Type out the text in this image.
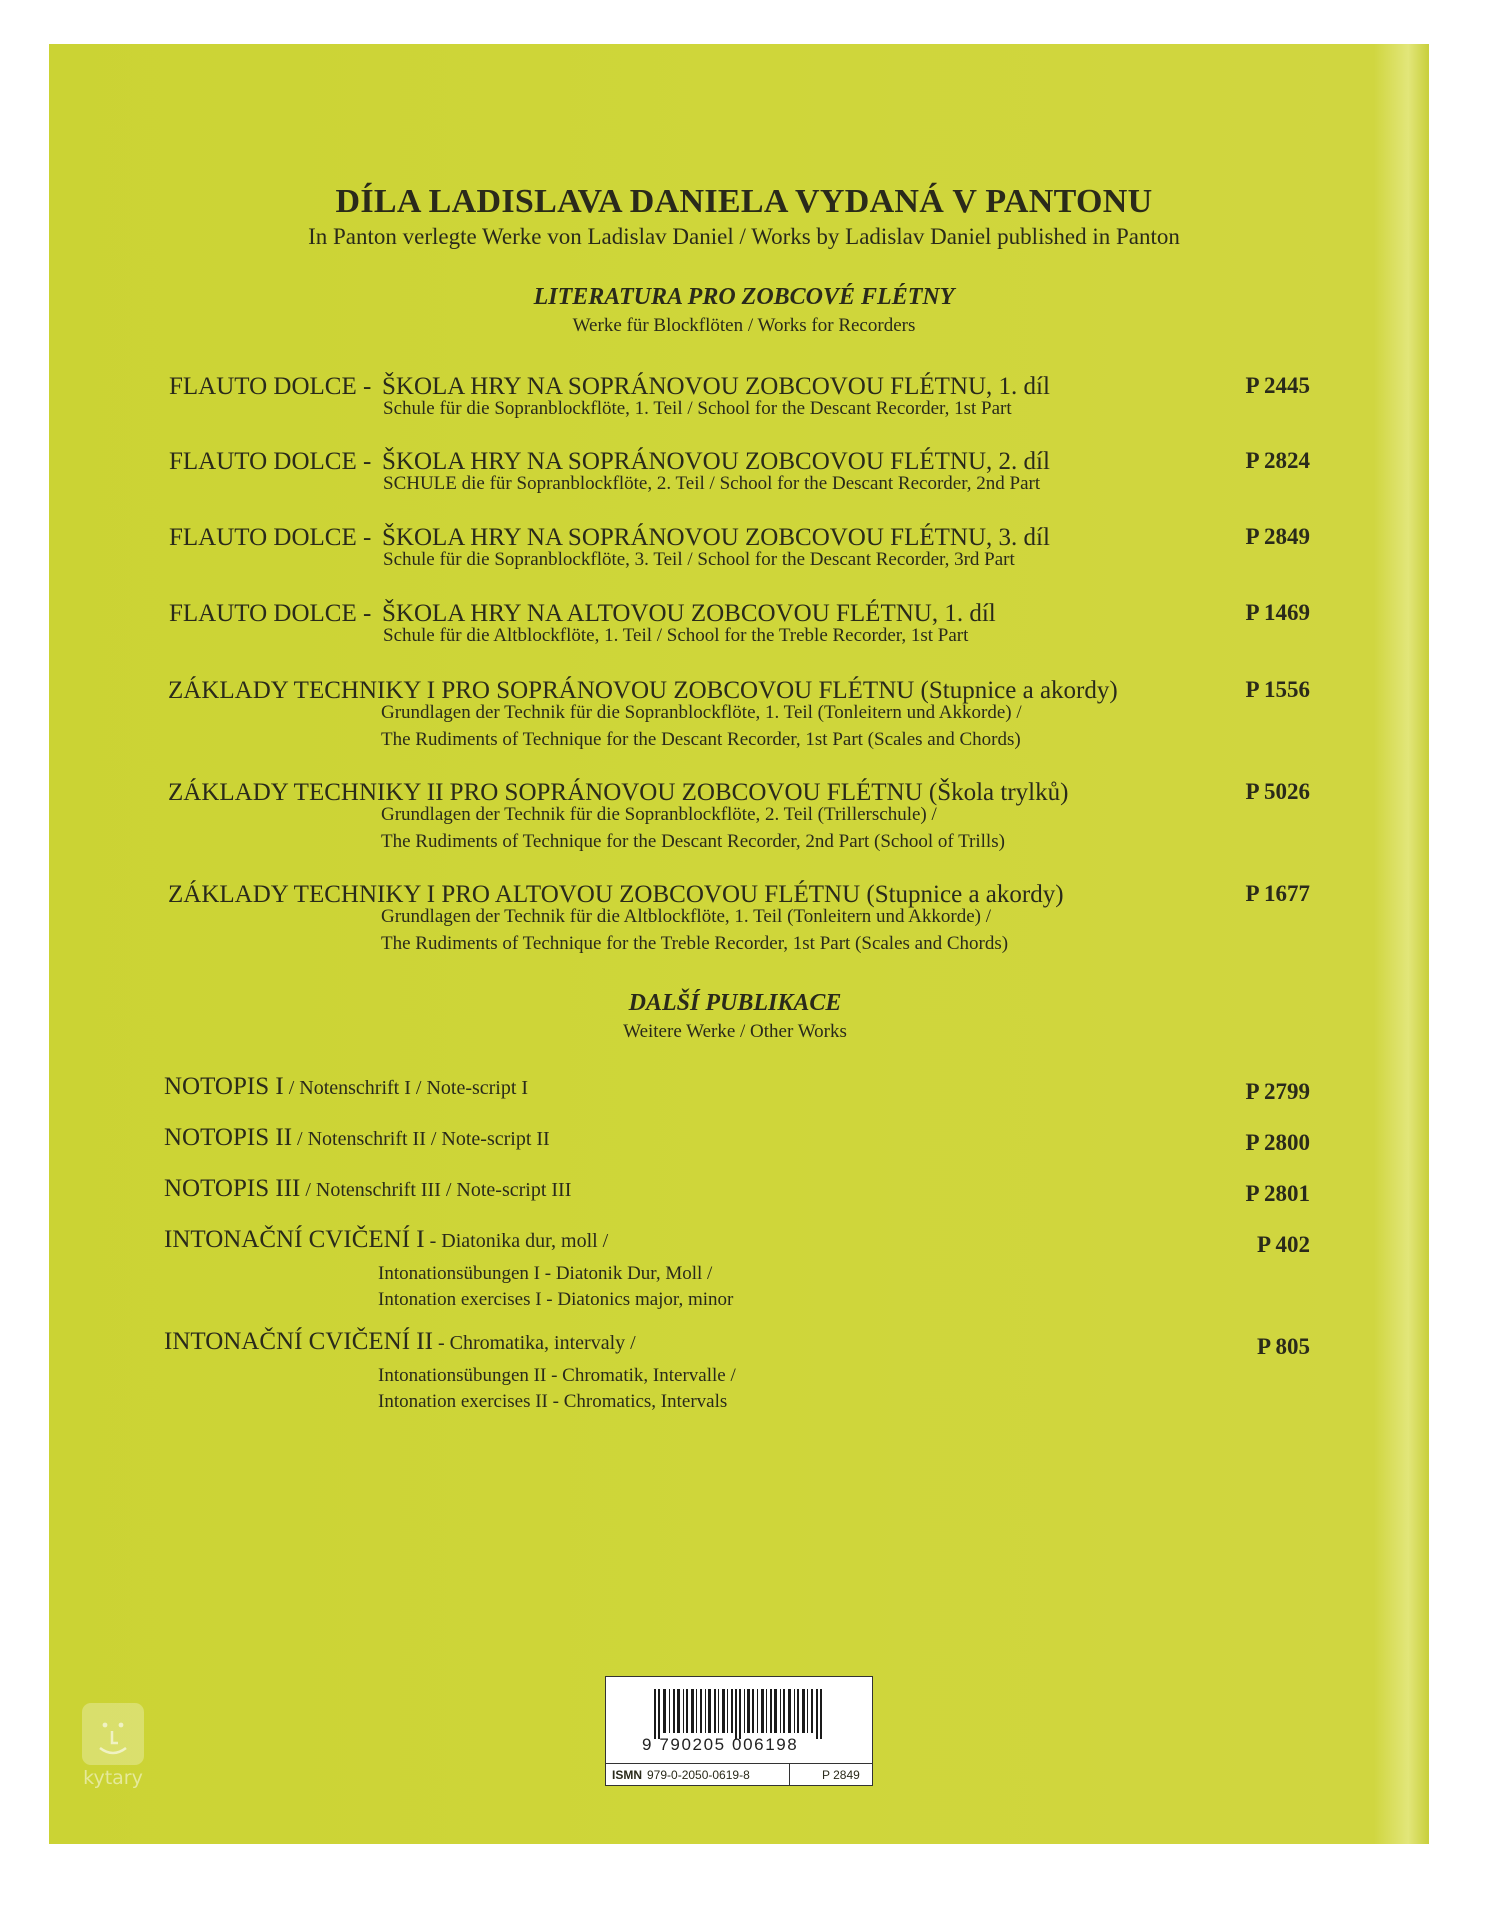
DÍLA LADISLAVA DANIELA VYDANÁ V PANTONU
In Panton verlegte Werke von Ladislav Daniel / Works by Ladislav Daniel published in Panton
LITERATURA PRO ZOBCOVÉ FLÉTNY
Werke für Blockflöten / Works for Recorders
FLAUTO DOLCE - ŠKOLA HRY NA SOPRÁNOVOU ZOBCOVOU FLÉTNU, 1. díl
Schule für die Sopranblockflöte, 1. Teil / School for the Descant Recorder, 1st Part
P 2445
FLAUTO DOLCE - ŠKOLA HRY NA SOPRÁNOVOU ZOBCOVOU FLÉTNU, 2. díl
SCHULE die für Sopranblockflöte, 2. Teil / School for the Descant Recorder, 2nd Part
P 2824
FLAUTO DOLCE - ŠKOLA HRY NA SOPRÁNOVOU ZOBCOVOU FLÉTNU, 3. díl
Schule für die Sopranblockflöte, 3. Teil / School for the Descant Recorder, 3rd Part
P 2849
FLAUTO DOLCE - ŠKOLA HRY NA ALTOVOU ZOBCOVOU FLÉTNU, 1. díl
Schule für die Altblockflöte, 1. Teil / School for the Treble Recorder, 1st Part
P 1469
ZÁKLADY TECHNIKY I PRO SOPRÁNOVOU ZOBCOVOU FLÉTNU (Stupnice a akordy)
Grundlagen der Technik für die Sopranblockflöte, 1. Teil (Tonleitern und Akkorde) /
The Rudiments of Technique for the Descant Recorder, 1st Part (Scales and Chords)
P 1556
ZÁKLADY TECHNIKY II PRO SOPRÁNOVOU ZOBCOVOU FLÉTNU (Škola trylků)
Grundlagen der Technik für die Sopranblockflöte, 2. Teil (Trillerschule) /
The Rudiments of Technique for the Descant Recorder, 2nd Part (School of Trills)
P 5026
ZÁKLADY TECHNIKY I PRO ALTOVOU ZOBCOVOU FLÉTNU (Stupnice a akordy)
Grundlagen der Technik für die Altblockflöte, 1. Teil (Tonleitern und Akkorde) /
The Rudiments of Technique for the Treble Recorder, 1st Part (Scales and Chords)
P 1677
DALŠÍ PUBLIKACE
Weitere Werke / Other Works
NOTOPIS I / Notenschrift I / Note-script I	P 2799
NOTOPIS II / Notenschrift II / Note-script II	P 2800
NOTOPIS III / Notenschrift III / Note-script III	P 2801
INTONAČNÍ CVIČENÍ I - Diatonika dur, moll /
Intonationsübungen I - Diatonik Dur, Moll /
Intonation exercises I - Diatonics major, minor
P 402
INTONAČNÍ CVIČENÍ II - Chromatika, intervaly /
Intonationsübungen II - Chromatik, Intervalle /
Intonation exercises II - Chromatics, Intervals
P 805
9 790205 006198
ISMN 979-0-2050-0619-8	P 2849
kytary
